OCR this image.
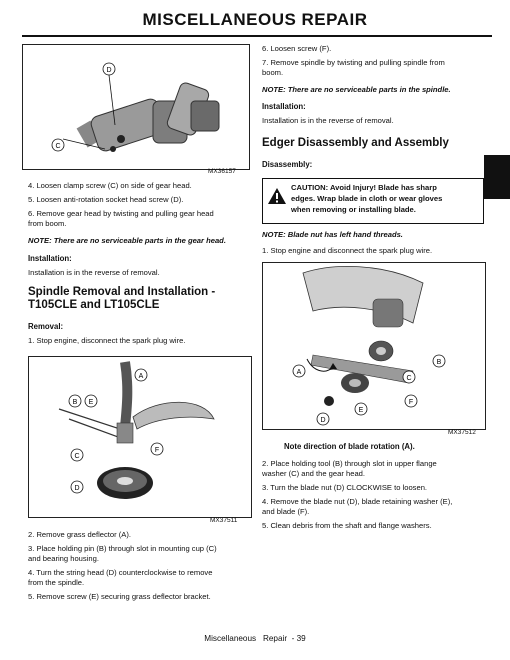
MISCELLANEOUS REPAIR
D
C
MX36157
4. Loosen clamp screw (C) on side of gear head.
5. Loosen anti-rotation socket head screw (D).
6. Remove gear head by twisting and pulling gear head
from boom.
NOTE: There are no serviceable parts in the gear head.
Installation:
Installation is in the reverse of removal.
Spindle Removal and Installation -
T105CLE and LT105CLE
Removal:
1. Stop engine, disconnect the spark plug wire.
A
B E
C
F
D
MX37511
2. Remove grass deflector (A).
3. Place holding pin (B) through slot in mounting cup (C)
and bearing housing.
4. Turn the string head (D) counterclockwise to remove
from the spindle.
5. Remove screw (E) securing grass deflector bracket.
6. Loosen screw (F).
7. Remove spindle by twisting and pulling spindle from
boom.
NOTE: There are no serviceable parts in the spindle.
Installation:
Installation is in the reverse of removal.
Edger Disassembly and Assembly
Disassembly:
CAUTION: Avoid Injury! Blade has sharp
edges. Wrap blade in cloth or wear gloves
when removing or installing blade.
NOTE: Blade nut has left hand threads.
1. Stop engine and disconnect the spark plug wire.
A
B
C
F
D
E
MX37512
Note direction of blade rotation (A).
2. Place holding tool (B) through slot in upper flange
washer (C) and the gear head.
3. Turn the blade nut (D) CLOCKWISE to loosen.
4. Remove the blade nut (D), blade retaining washer (E),
and blade (F).
5. Clean debris from the shaft and flange washers.
Miscellaneous   Repair  - 39
